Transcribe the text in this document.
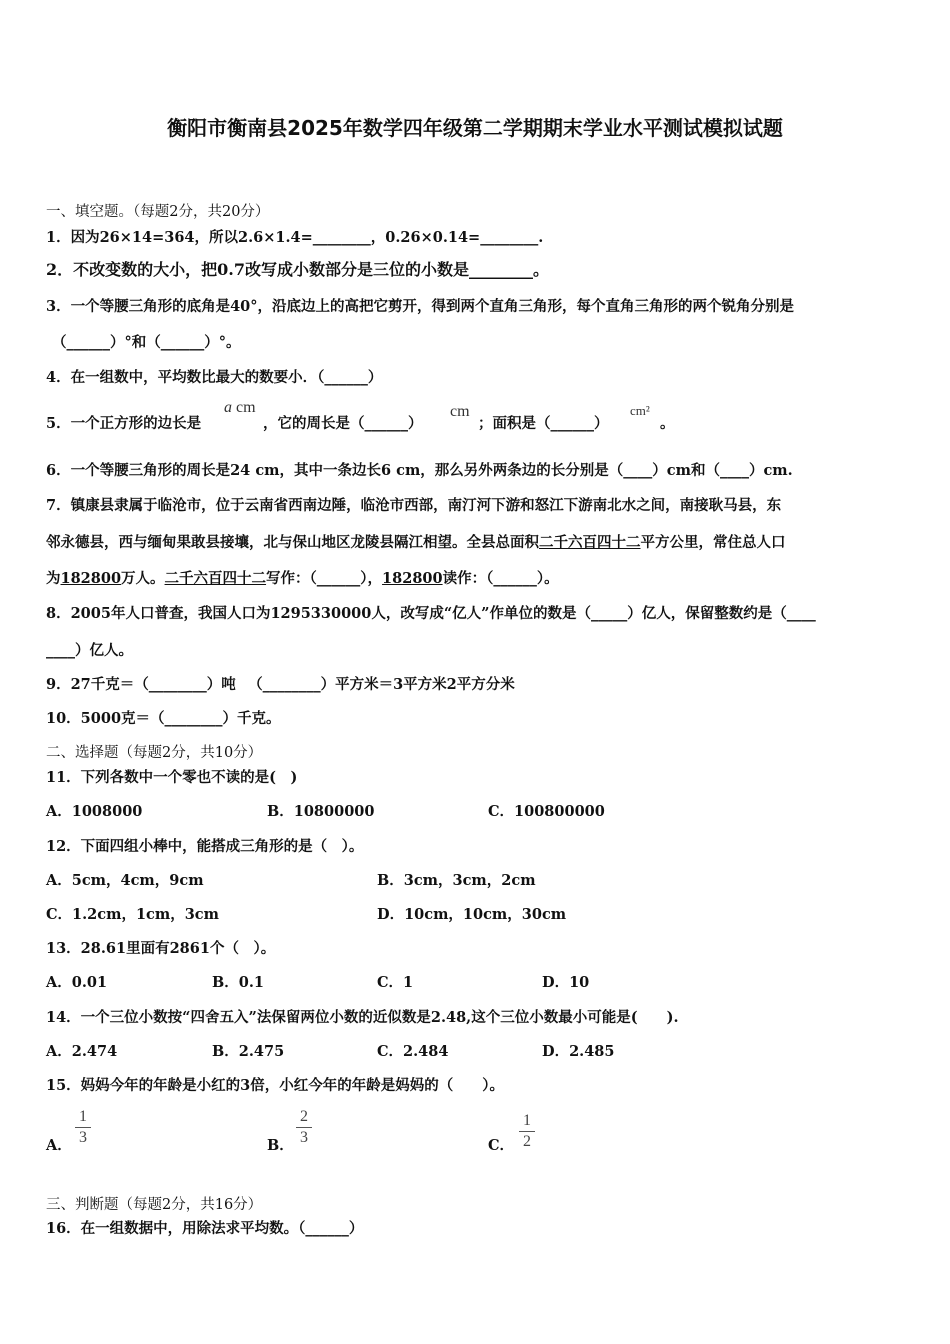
衡阳市衡南县2025年数学四年级第二学期期末学业水平测试模拟试题
一、填空题。（每题2分，共20分）
1．因为26×14=364，所以2.6×1.4=________，0.26×0.14=________.
2．不改变数的大小，把0.7改写成小数部分是三位的小数是________。
3．一个等腰三角形的底角是40°，沿底边上的高把它剪开，得到两个直角三角形，每个直角三角形的两个锐角分别是
（______）°和（______）°。
4．在一组数中，平均数比最大的数要小．（______）
5．一个正方形的边长是
a cm
，它的周长是（______）
cm
；面积是（______）
cm²
。
6．一个等腰三角形的周长是24 cm，其中一条边长6 cm，那么另外两条边的长分别是（____）cm和（____）cm.
7．镇康县隶属于临沧市，位于云南省西南边陲，临沧市西部，南汀河下游和怒江下游南北水之间，南接耿马县，东
邻永德县，西与缅甸果敢县接壤，北与保山地区龙陵县隔江相望。全县总面积二千六百四十二平方公里，常住总人口
为182800万人。二千六百四十二写作：（______），182800读作：（______）。
8．2005年人口普查，我国人口为1295330000人，改写成“亿人”作单位的数是（_____）亿人，保留整数约是（____
____）亿人。
9．27千克＝（________）吨 　（________）平方米＝3平方米2平方分米
10．5000克＝（________）千克。
二、选择题（每题2分，共10分）
11．下列各数中一个零也不读的是(　)
A．1008000	B．10800000	C．100800000
12．下面四组小棒中，能搭成三角形的是（　）。
A．5cm，4cm，9cm	B．3cm，3cm，2cm
C．1.2cm，1cm，3cm	D．10cm，10cm，30cm
13．28.61里面有2861个（　）。
A．0.01	B．0.1	C．1	D．10
14．一个三位小数按“四舍五入”法保留两位小数的近似数是2.48,这个三位小数最小可能是(　　).
A．2.474	B．2.475	C．2.484	D．2.485
15．妈妈今年的年龄是小红的3倍，小红今年的年龄是妈妈的（　　）。
A．
1
3	B．
2
3	C．
1
2
三、判断题（每题2分，共16分）
16．在一组数据中，用除法求平均数。（______）
